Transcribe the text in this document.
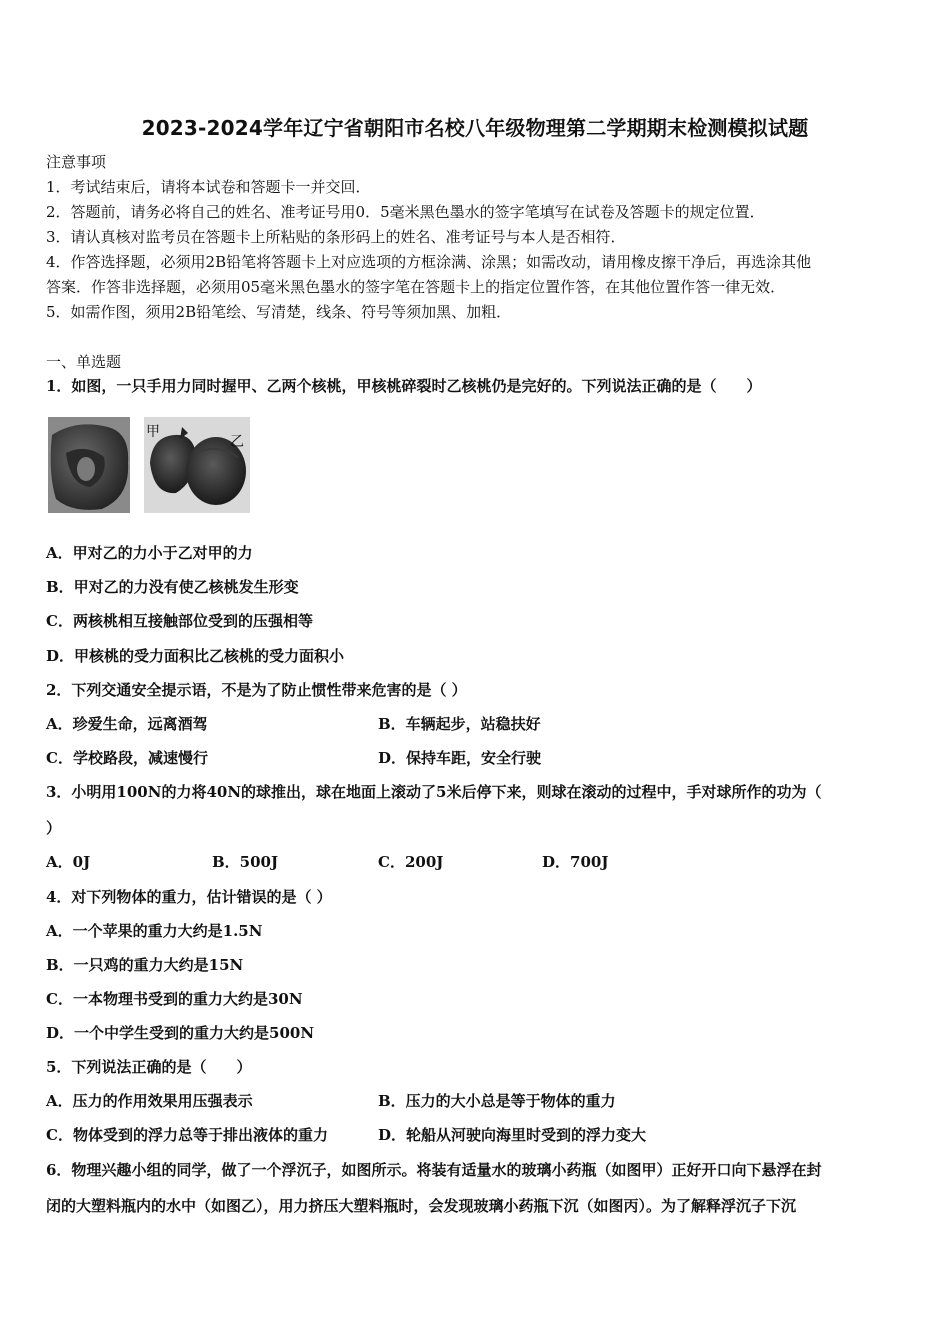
2023-2024学年辽宁省朝阳市名校八年级物理第二学期期末检测模拟试题
注意事项
1．考试结束后，请将本试卷和答题卡一并交回．
2．答题前，请务必将自己的姓名、准考证号用0．5毫米黑色墨水的签字笔填写在试卷及答题卡的规定位置．
3．请认真核对监考员在答题卡上所粘贴的条形码上的姓名、准考证号与本人是否相符．
4．作答选择题，必须用2B铅笔将答题卡上对应选项的方框涂满、涂黑；如需改动，请用橡皮擦干净后，再选涂其他
答案．作答非选择题，必须用05毫米黑色墨水的签字笔在答题卡上的指定位置作答，在其他位置作答一律无效．
5．如需作图，须用2B铅笔绘、写清楚，线条、符号等须加黑、加粗．
一、单选题
1．如图，一只手用力同时握甲、乙两个核桃，甲核桃碎裂时乙核桃仍是完好的。下列说法正确的是（　　）
甲
乙
A．甲对乙的力小于乙对甲的力
B．甲对乙的力没有使乙核桃发生形变
C．两核桃相互接触部位受到的压强相等
D．甲核桃的受力面积比乙核桃的受力面积小
2．下列交通安全提示语，不是为了防止惯性带来危害的是（ ）
A．珍爱生命，远离酒驾	B．车辆起步，站稳扶好
C．学校路段，减速慢行	D．保持车距，安全行驶
3．小明用100N的力将40N的球推出，球在地面上滚动了5米后停下来，则球在滚动的过程中，手对球所作的功为（
）
A．0J	B．500J	C．200J	D．700J
4．对下列物体的重力，估计错误的是（ ）
A．一个苹果的重力大约是1.5N
B．一只鸡的重力大约是15N
C．一本物理书受到的重力大约是30N
D．一个中学生受到的重力大约是500N
5．下列说法正确的是（　　）
A．压力的作用效果用压强表示	B．压力的大小总是等于物体的重力
C．物体受到的浮力总等于排出液体的重力	D．轮船从河驶向海里时受到的浮力变大
6．物理兴趣小组的同学，做了一个浮沉子，如图所示。将装有适量水的玻璃小药瓶（如图甲）正好开口向下悬浮在封
闭的大塑料瓶内的水中（如图乙），用力挤压大塑料瓶时，会发现玻璃小药瓶下沉（如图丙）。为了解释浮沉子下沉
